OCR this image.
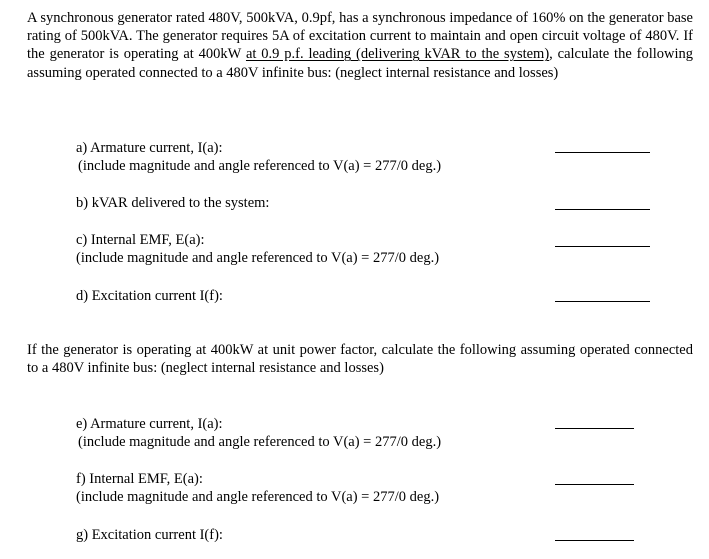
A synchronous generator rated 480V, 500kVA, 0.9pf, has a synchronous impedance of 160% on the generator base rating of 500kVA. The generator requires 5A of excitation current to maintain and open circuit voltage of 480V. If the generator is operating at 400kW at 0.9 p.f. leading (delivering kVAR to the system), calculate the following assuming operated connected to a 480V infinite bus: (neglect internal resistance and losses)

a) Armature current, I(a):
(include magnitude and angle referenced to V(a) = 277/0 deg.)
b) kVAR delivered to the system:
c) Internal EMF, E(a):
(include magnitude and angle referenced to V(a) = 277/0 deg.)
d) Excitation current I(f):

If the generator is operating at 400kW at unit power factor, calculate the following assuming operated connected to a 480V infinite bus: (neglect internal resistance and losses)

e) Armature current, I(a):
(include magnitude and angle referenced to V(a) = 277/0 deg.)
f) Internal EMF, E(a):
(include magnitude and angle referenced to V(a) = 277/0 deg.)
g) Excitation current I(f):
